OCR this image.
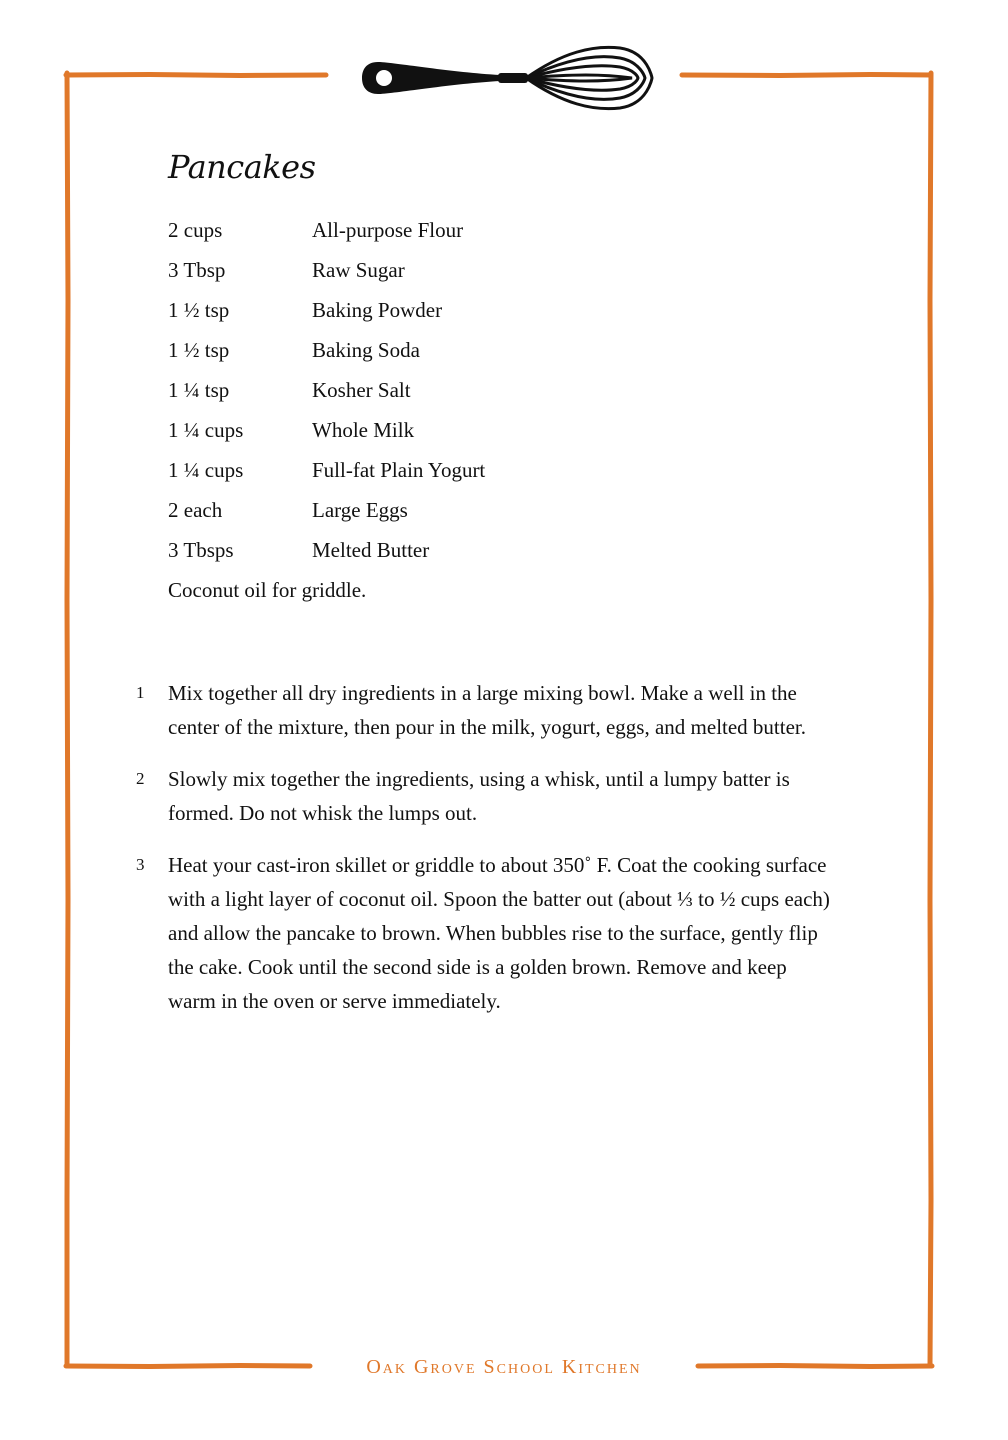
Pancakes
2 cups	All-purpose Flour
3 Tbsp	Raw Sugar
1 ½ tsp	Baking Powder
1 ½ tsp	Baking Soda
1 ¼ tsp	Kosher Salt
1 ¼ cups	Whole Milk
1 ¼ cups	Full-fat Plain Yogurt
2 each	Large Eggs
3 Tbsps	Melted Butter
Coconut oil for griddle.
1	Mix together all dry ingredients in a large mixing bowl. Make a well in the center of the mixture, then pour in the milk, yogurt, eggs, and melted butter.
2	Slowly mix together the ingredients, using a whisk, until a lumpy batter is formed. Do not whisk the lumps out.
3	Heat your cast-iron skillet or griddle to about 350˚ F. Coat the cooking surface with a light layer of coconut oil. Spoon the batter out (about ⅓ to ½ cups each) and allow the pancake to brown. When bubbles rise to the surface, gently flip the cake. Cook until the second side is a golden brown. Remove and keep warm in the oven or serve immediately.
Oak Grove School Kitchen
